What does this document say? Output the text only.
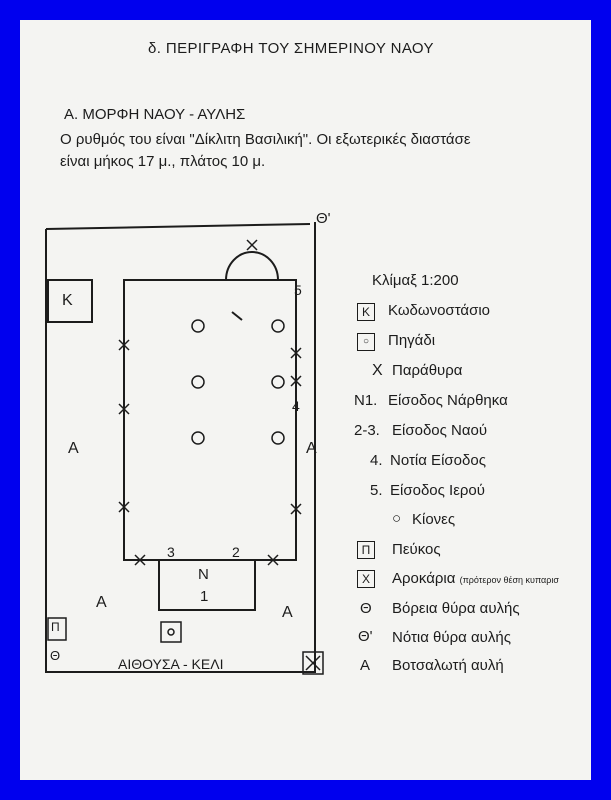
δ. ΠΕΡΙΓΡΑΦΗ ΤΟΥ ΣΗΜΕΡΙΝΟΥ ΝΑΟΥ
Α. ΜΟΡΦΗ ΝΑΟΥ - ΑΥΛΗΣ
Ο ρυθμός του είναι "Δίκλιτη Βασιλική". Οι εξωτερικές διαστάσε
είναι μήκος 17 μ., πλάτος 10 μ.
Θ'
Κ
5
4
Α	Α
3	2
Ν
1
Α
Α
Π
Θ
ΑΙΘΟΥΣΑ - ΚΕΛΙ
Κλίμαξ 1:200
Κ	Κωδωνοστάσιο
○	Πηγάδι
Χ Παράθυρα
N1. Είσοδος Νάρθηκα
2-3. Είσοδος Ναού
4. Νοτία Είσοδος
5. Είσοδος Ιερού
○ Κίονες
Π	Πεύκος
Χ	Αροκάρια (πρότερον θέση κυπαρισ
Θ Βόρεια θύρα αυλής
Θ' Νότια θύρα αυλής
Α Βοτσαλωτή αυλή
